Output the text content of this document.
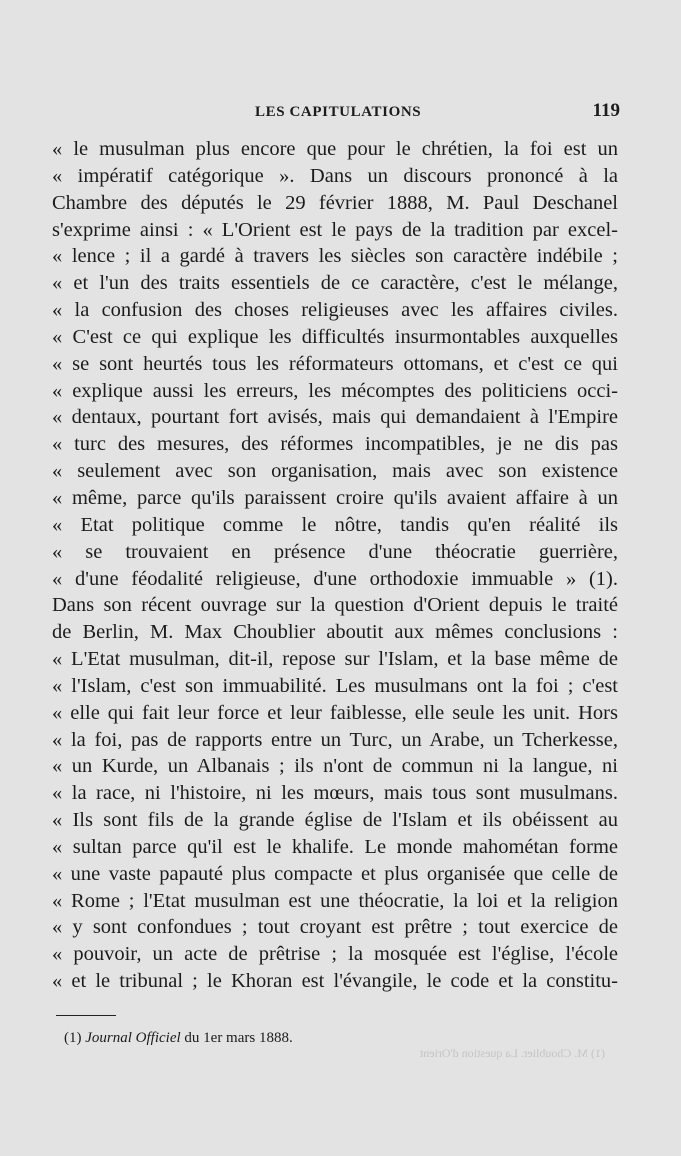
LES CAPITULATIONS	119
« le musulman plus encore que pour le chrétien, la foi est un
« impératif catégorique ». Dans un discours prononcé à la
Chambre des députés le 29 février 1888, M. Paul Deschanel
s'exprime ainsi : « L'Orient est le pays de la tradition par excel-
« lence ; il a gardé à travers les siècles son caractère indébile ;
« et l'un des traits essentiels de ce caractère, c'est le mélange,
« la confusion des choses religieuses avec les affaires civiles.
« C'est ce qui explique les difficultés insurmontables auxquelles
« se sont heurtés tous les réformateurs ottomans, et c'est ce qui
« explique aussi les erreurs, les mécomptes des politiciens occi-
« dentaux, pourtant fort avisés, mais qui demandaient à l'Empire
« turc des mesures, des réformes incompatibles, je ne dis pas
« seulement avec son organisation, mais avec son existence
« même, parce qu'ils paraissent croire qu'ils avaient affaire à un
« Etat politique comme le nôtre, tandis qu'en réalité ils
« se trouvaient en présence d'une théocratie guerrière,
« d'une féodalité religieuse, d'une orthodoxie immuable » (1).
Dans son récent ouvrage sur la question d'Orient depuis le traité
de Berlin, M. Max Choublier aboutit aux mêmes conclusions :
« L'Etat musulman, dit-il, repose sur l'Islam, et la base même de
« l'Islam, c'est son immuabilité. Les musulmans ont la foi ; c'est
« elle qui fait leur force et leur faiblesse, elle seule les unit. Hors
« la foi, pas de rapports entre un Turc, un Arabe, un Tcherkesse,
« un Kurde, un Albanais ; ils n'ont de commun ni la langue, ni
« la race, ni l'histoire, ni les mœurs, mais tous sont musulmans.
« Ils sont fils de la grande église de l'Islam et ils obéissent au
« sultan parce qu'il est le khalife. Le monde mahométan forme
« une vaste papauté plus compacte et plus organisée que celle de
« Rome ; l'Etat musulman est une théocratie, la loi et la religion
« y sont confondues ; tout croyant est prêtre ; tout exercice de
« pouvoir, un acte de prêtrise ; la mosquée est l'église, l'école
« et le tribunal ; le Khoran est l'évangile, le code et la constitu-
(1) Journal Officiel du 1er mars 1888.
(1) M. Choublier. La question d'Orient
